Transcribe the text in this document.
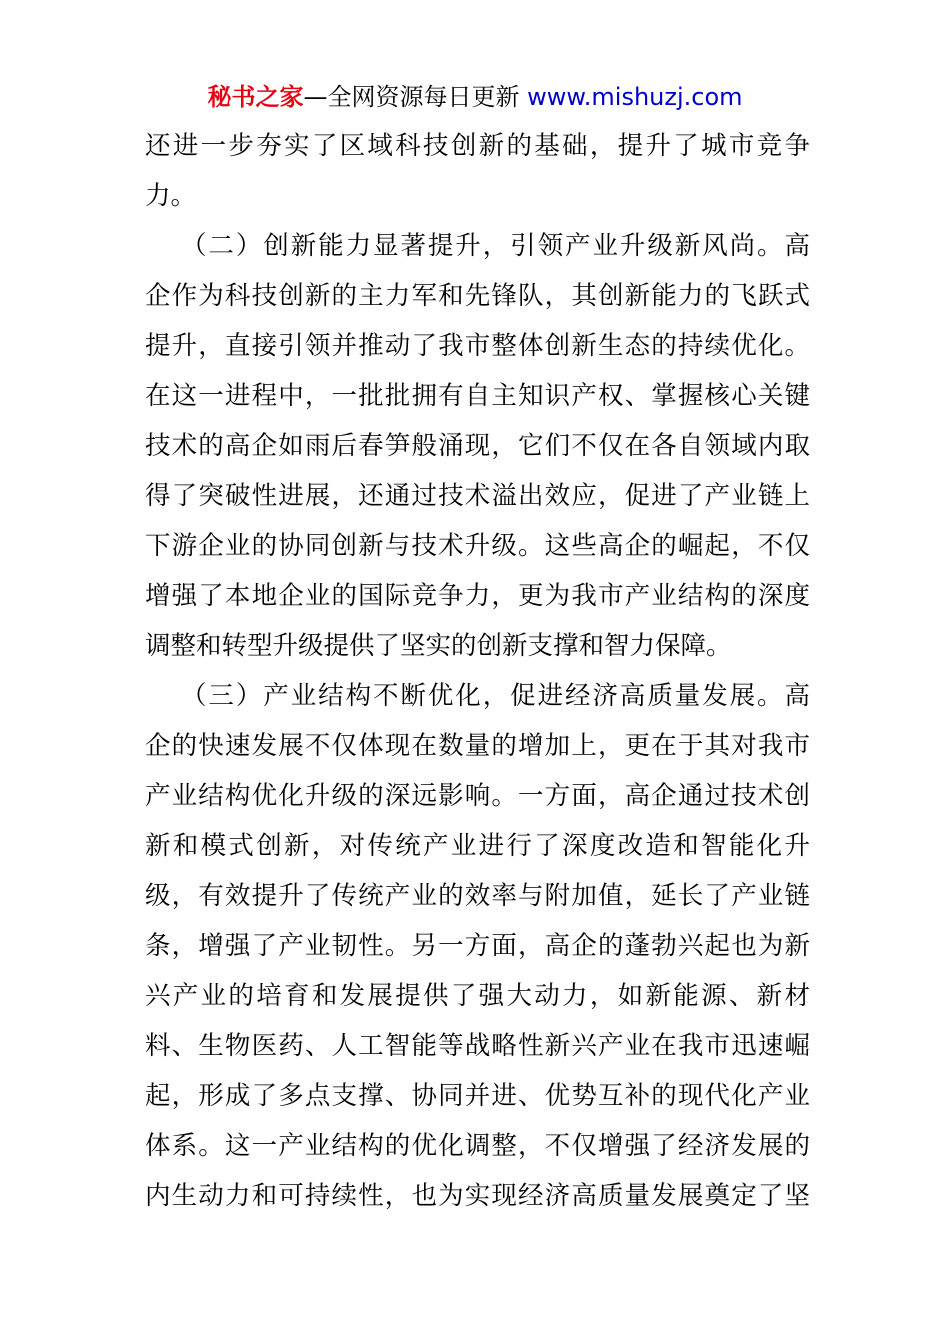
秘书之家—全网资源每日更新 www.mishuzj.com
还进一步夯实了区域科技创新的基础，提升了城市竞争
力。
（二）创新能力显著提升，引领产业升级新风尚。高
企作为科技创新的主力军和先锋队，其创新能力的飞跃式
提升，直接引领并推动了我市整体创新生态的持续优化。
在这一进程中，一批批拥有自主知识产权、掌握核心关键
技术的高企如雨后春笋般涌现，它们不仅在各自领域内取
得了突破性进展，还通过技术溢出效应，促进了产业链上
下游企业的协同创新与技术升级。这些高企的崛起，不仅
增强了本地企业的国际竞争力，更为我市产业结构的深度
调整和转型升级提供了坚实的创新支撑和智力保障。
（三）产业结构不断优化，促进经济高质量发展。高
企的快速发展不仅体现在数量的增加上，更在于其对我市
产业结构优化升级的深远影响。一方面，高企通过技术创
新和模式创新，对传统产业进行了深度改造和智能化升
级，有效提升了传统产业的效率与附加值，延长了产业链
条，增强了产业韧性。另一方面，高企的蓬勃兴起也为新
兴产业的培育和发展提供了强大动力，如新能源、新材
料、生物医药、人工智能等战略性新兴产业在我市迅速崛
起，形成了多点支撑、协同并进、优势互补的现代化产业
体系。这一产业结构的优化调整，不仅增强了经济发展的
内生动力和可持续性，也为实现经济高质量发展奠定了坚
